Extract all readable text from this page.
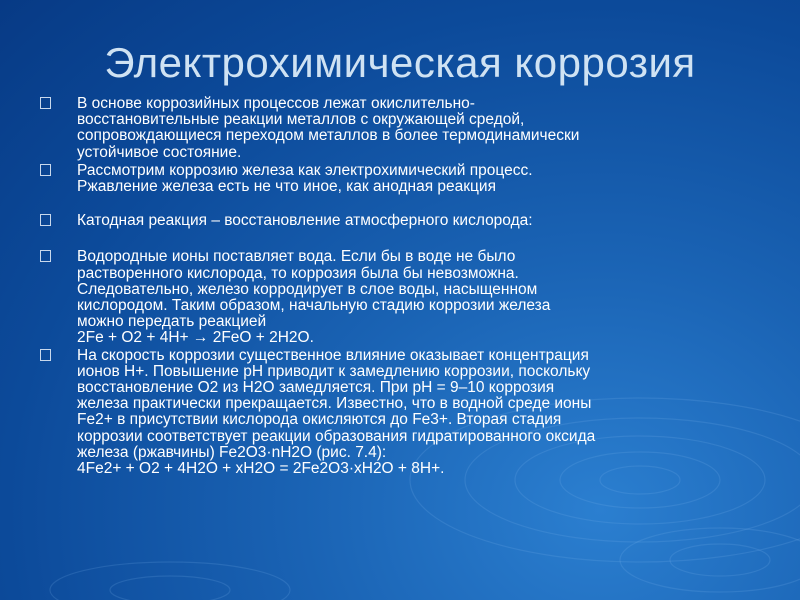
Электрохимическая коррозия

В основе коррозийных процессов лежат окислительно-
восстановительные реакции металлов с окружающей средой,
сопровождающиеся переходом металлов в более термодинамически
устойчивое состояние.

Рассмотрим коррозию железа как электрохимический процесс.
Ржавление железа есть не что иное, как анодная реакция

Катодная реакция – восстановление атмосферного кислорода:

Водородные ионы поставляет вода. Если бы в воде не было
растворенного кислорода, то коррозия была бы невозможна.
Следовательно, железо корродирует в слое воды, насыщенном
кислородом. Таким образом, начальную стадию коррозии железа
можно передать реакцией
2Fe + O2 + 4H+ → 2FeO + 2H2O.

На скорость коррозии существенное влияние оказывает концентрация
ионов H+. Повышение pH приводит к замедлению коррозии, поскольку
восстановление O2 из H2O замедляется. При pH = 9–10 коррозия
железа практически прекращается. Известно, что в водной среде ионы
Fe2+ в присутствии кислорода окисляются до Fe3+. Вторая стадия
коррозии соответствует реакции образования гидратированного оксида
железа (ржавчины) Fe2O3·nH2O (рис. 7.4):
4Fe2+ + O2 + 4H2O + xH2O = 2Fe2O3·xH2O + 8H+.
